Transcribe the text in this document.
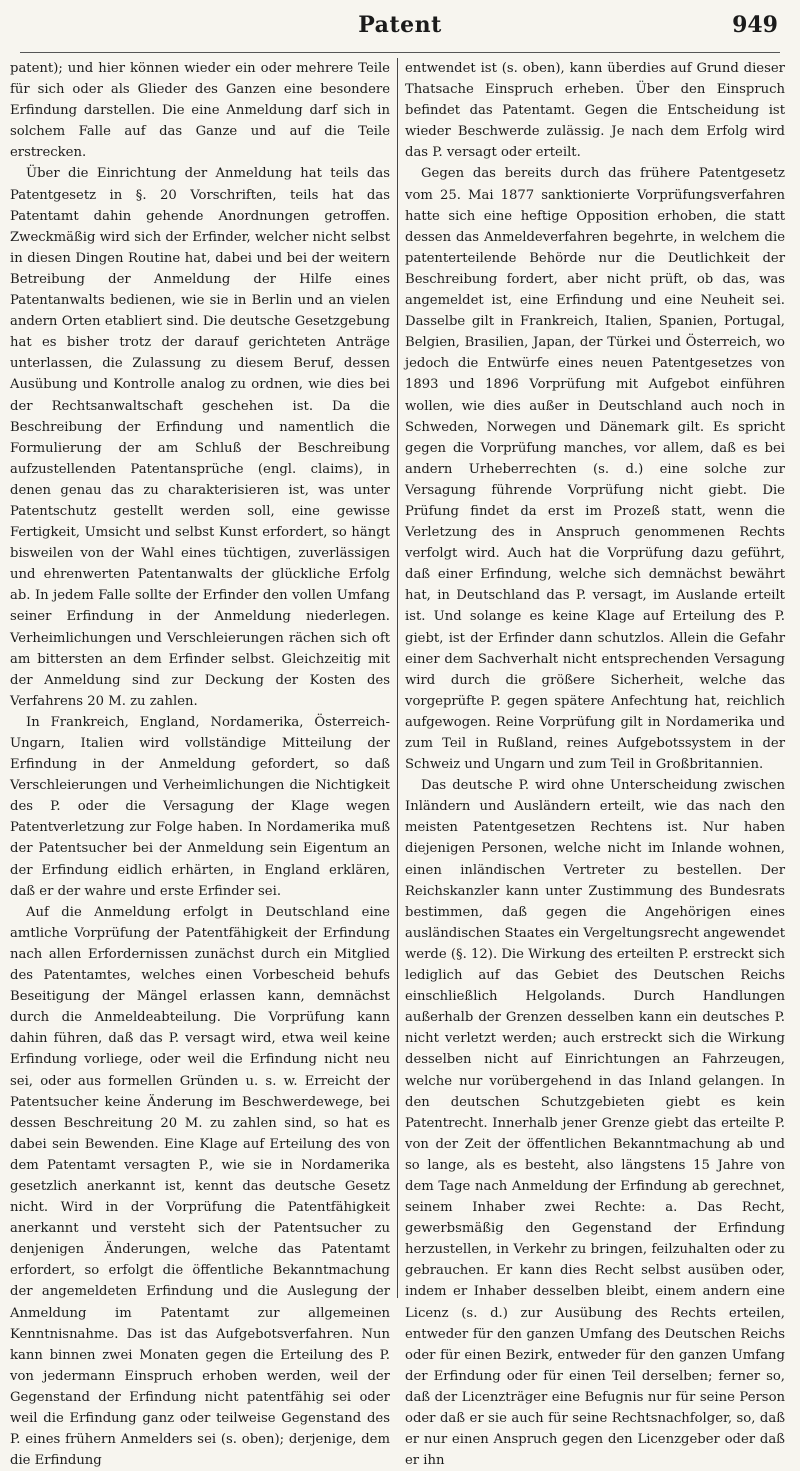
Patent	949

patent); und hier können wieder ein oder mehrere Teile für sich oder als Glieder des Ganzen eine besondere Erfindung darstellen. Die eine Anmeldung darf sich in solchem Falle auf das Ganze und auf die Teile erstrecken.

Über die Einrichtung der Anmeldung hat teils das Patentgesetz in §. 20 Vorschriften, teils hat das Patentamt dahin gehende Anordnungen getroffen. Zweckmäßig wird sich der Erfinder, welcher nicht selbst in diesen Dingen Routine hat, dabei und bei der weitern Betreibung der Anmeldung der Hilfe eines Patentanwalts bedienen, wie sie in Berlin und an vielen andern Orten etabliert sind. Die deutsche Gesetzgebung hat es bisher trotz der darauf gerichteten Anträge unterlassen, die Zulassung zu diesem Beruf, dessen Ausübung und Kontrolle analog zu ordnen, wie dies bei der Rechtsanwaltschaft geschehen ist. Da die Beschreibung der Erfindung und namentlich die Formulierung der am Schluß der Beschreibung aufzustellenden Patentansprüche (engl. claims), in denen genau das zu charakterisieren ist, was unter Patentschutz gestellt werden soll, eine gewisse Fertigkeit, Umsicht und selbst Kunst erfordert, so hängt bisweilen von der Wahl eines tüchtigen, zuverlässigen und ehrenwerten Patentanwalts der glückliche Erfolg ab. In jedem Falle sollte der Erfinder den vollen Umfang seiner Erfindung in der Anmeldung niederlegen. Verheimlichungen und Verschleierungen rächen sich oft am bittersten an dem Erfinder selbst. Gleichzeitig mit der Anmeldung sind zur Deckung der Kosten des Verfahrens 20 M. zu zahlen.

In Frankreich, England, Nordamerika, Österreich-Ungarn, Italien wird vollständige Mitteilung der Erfindung in der Anmeldung gefordert, so daß Verschleierungen und Verheimlichungen die Nichtigkeit des P. oder die Versagung der Klage wegen Patentverletzung zur Folge haben. In Nordamerika muß der Patentsucher bei der Anmeldung sein Eigentum an der Erfindung eidlich erhärten, in England erklären, daß er der wahre und erste Erfinder sei.

Auf die Anmeldung erfolgt in Deutschland eine amtliche Vorprüfung der Patentfähigkeit der Erfindung nach allen Erfordernissen zunächst durch ein Mitglied des Patentamtes, welches einen Vorbescheid behufs Beseitigung der Mängel erlassen kann, demnächst durch die Anmeldeabteilung. Die Vorprüfung kann dahin führen, daß das P. versagt wird, etwa weil keine Erfindung vorliege, oder weil die Erfindung nicht neu sei, oder aus formellen Gründen u. s. w. Erreicht der Patentsucher keine Änderung im Beschwerdewege, bei dessen Beschreitung 20 M. zu zahlen sind, so hat es dabei sein Bewenden. Eine Klage auf Erteilung des von dem Patentamt versagten P., wie sie in Nordamerika gesetzlich anerkannt ist, kennt das deutsche Gesetz nicht. Wird in der Vorprüfung die Patentfähigkeit anerkannt und versteht sich der Patentsucher zu denjenigen Änderungen, welche das Patentamt erfordert, so erfolgt die öffentliche Bekanntmachung der angemeldeten Erfindung und die Auslegung der Anmeldung im Patentamt zur allgemeinen Kenntnisnahme. Das ist das Aufgebotsverfahren. Nun kann binnen zwei Monaten gegen die Erteilung des P. von jedermann Einspruch erhoben werden, weil der Gegenstand der Erfindung nicht patentfähig sei oder weil die Erfindung ganz oder teilweise Gegenstand des P. eines frühern Anmelders sei (s. oben); derjenige, dem die Erfindung

entwendet ist (s. oben), kann überdies auf Grund dieser Thatsache Einspruch erheben. Über den Einspruch befindet das Patentamt. Gegen die Entscheidung ist wieder Beschwerde zulässig. Je nach dem Erfolg wird das P. versagt oder erteilt.

Gegen das bereits durch das frühere Patentgesetz vom 25. Mai 1877 sanktionierte Vorprüfungsverfahren hatte sich eine heftige Opposition erhoben, die statt dessen das Anmeldeverfahren begehrte, in welchem die patenterteilende Behörde nur die Deutlichkeit der Beschreibung fordert, aber nicht prüft, ob das, was angemeldet ist, eine Erfindung und eine Neuheit sei. Dasselbe gilt in Frankreich, Italien, Spanien, Portugal, Belgien, Brasilien, Japan, der Türkei und Österreich, wo jedoch die Entwürfe eines neuen Patentgesetzes von 1893 und 1896 Vorprüfung mit Aufgebot einführen wollen, wie dies außer in Deutschland auch noch in Schweden, Norwegen und Dänemark gilt. Es spricht gegen die Vorprüfung manches, vor allem, daß es bei andern Urheberrechten (s. d.) eine solche zur Versagung führende Vorprüfung nicht giebt. Die Prüfung findet da erst im Prozeß statt, wenn die Verletzung des in Anspruch genommenen Rechts verfolgt wird. Auch hat die Vorprüfung dazu geführt, daß einer Erfindung, welche sich demnächst bewährt hat, in Deutschland das P. versagt, im Auslande erteilt ist. Und solange es keine Klage auf Erteilung des P. giebt, ist der Erfinder dann schutzlos. Allein die Gefahr einer dem Sachverhalt nicht entsprechenden Versagung wird durch die größere Sicherheit, welche das vorgeprüfte P. gegen spätere Anfechtung hat, reichlich aufgewogen. Reine Vorprüfung gilt in Nordamerika und zum Teil in Rußland, reines Aufgebotssystem in der Schweiz und Ungarn und zum Teil in Großbritannien.

Das deutsche P. wird ohne Unterscheidung zwischen Inländern und Ausländern erteilt, wie das nach den meisten Patentgesetzen Rechtens ist. Nur haben diejenigen Personen, welche nicht im Inlande wohnen, einen inländischen Vertreter zu bestellen. Der Reichskanzler kann unter Zustimmung des Bundesrats bestimmen, daß gegen die Angehörigen eines ausländischen Staates ein Vergeltungsrecht angewendet werde (§. 12). Die Wirkung des erteilten P. erstreckt sich lediglich auf das Gebiet des Deutschen Reichs einschließlich Helgolands. Durch Handlungen außerhalb der Grenzen desselben kann ein deutsches P. nicht verletzt werden; auch erstreckt sich die Wirkung desselben nicht auf Einrichtungen an Fahrzeugen, welche nur vorübergehend in das Inland gelangen. In den deutschen Schutzgebieten giebt es kein Patentrecht. Innerhalb jener Grenze giebt das erteilte P. von der Zeit der öffentlichen Bekanntmachung ab und so lange, als es besteht, also längstens 15 Jahre von dem Tage nach Anmeldung der Erfindung ab gerechnet, seinem Inhaber zwei Rechte: a. Das Recht, gewerbsmäßig den Gegenstand der Erfindung herzustellen, in Verkehr zu bringen, feilzuhalten oder zu gebrauchen. Er kann dies Recht selbst ausüben oder, indem er Inhaber desselben bleibt, einem andern eine Licenz (s. d.) zur Ausübung des Rechts erteilen, entweder für den ganzen Umfang des Deutschen Reichs oder für einen Bezirk, entweder für den ganzen Umfang der Erfindung oder für einen Teil derselben; ferner so, daß der Licenzträger eine Befugnis nur für seine Person oder daß er sie auch für seine Rechtsnachfolger, so, daß er nur einen Anspruch gegen den Licenzgeber oder daß er ihn
